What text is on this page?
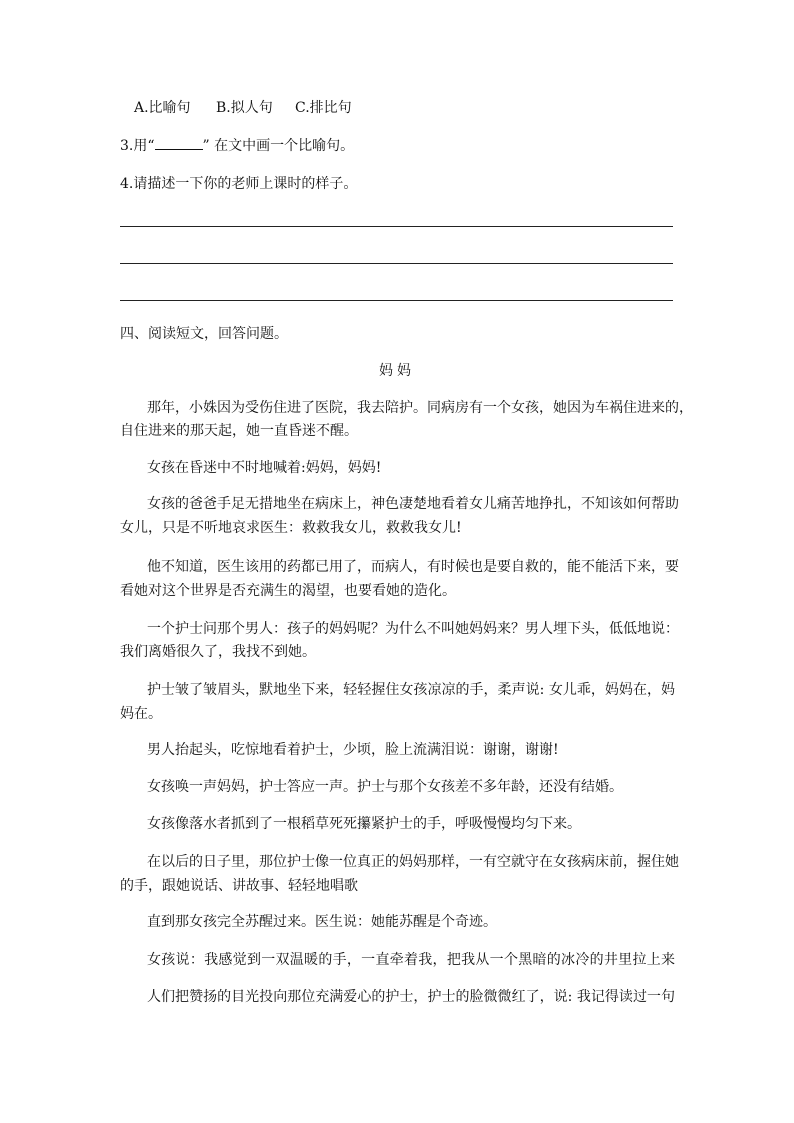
A.比喻句 B.拟人句 C.排比句
3.用“	” 在文中画一个比喻句。
4.请描述一下你的老师上课时的样子。
四、阅读短文，回答问题。
妈妈
那年，小姝因为受伤住进了医院，我去陪护。同病房有一个女孩，她因为车祸住进来的，
自住进来的那天起，她一直昏迷不醒。
女孩在昏迷中不时地喊着:妈妈，妈妈!
女孩的爸爸手足无措地坐在病床上，神色凄楚地看着女儿痛苦地挣扎，不知该如何帮助
女儿，只是不听地哀求医生：救救我女儿，救救我女儿!
他不知道，医生该用的药都已用了，而病人，有时候也是要自救的，能不能活下来，要
看她对这个世界是否充满生的渴望，也要看她的造化。
一个护士问那个男人：孩子的妈妈呢？为什么不叫她妈妈来？男人埋下头，低低地说：
我们离婚很久了，我找不到她。
护士皱了皱眉头，默地坐下来，轻轻握住女孩凉凉的手，柔声说: 女儿乖，妈妈在，妈
妈在。
男人抬起头，吃惊地看着护士，少顷，脸上流满泪说：谢谢，谢谢!
女孩唤一声妈妈，护士答应一声。护士与那个女孩差不多年龄，还没有结婚。
女孩像落水者抓到了一根稻草死死攥紧护士的手，呼吸慢慢均匀下来。
在以后的日子里，那位护士像一位真正的妈妈那样，一有空就守在女孩病床前，握住她
的手，跟她说话、讲故事、轻轻地唱歌
直到那女孩完全苏醒过来。医生说：她能苏醒是个奇迹。
女孩说：我感觉到一双温暖的手，一直牵着我，把我从一个黑暗的冰冷的井里拉上来
人们把赞扬的目光投向那位充满爱心的护士，护士的脸微微红了，说: 我记得读过一句
